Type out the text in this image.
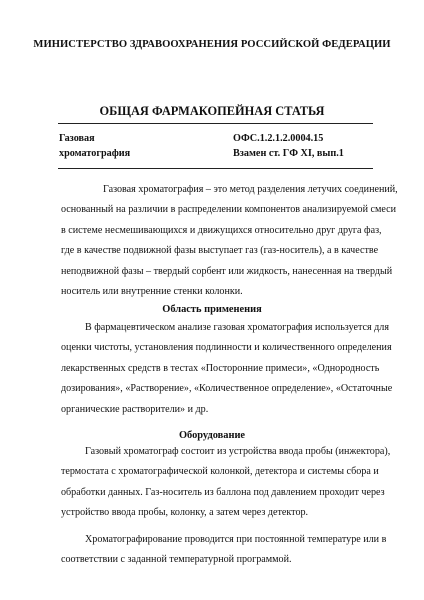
МИНИСТЕРСТВО ЗДРАВООХРАНЕНИЯ РОССИЙСКОЙ ФЕДЕРАЦИИ
ОБЩАЯ ФАРМАКОПЕЙНАЯ СТАТЬЯ
Газовая
хроматография
ОФС.1.2.1.2.0004.15
Взамен ст. ГФ XI, вып.1
Газовая хроматография – это метод разделения летучих соединений,
основанный на различии в распределении компонентов анализируемой смеси
в системе несмешивающихся и движущихся относительно друг друга фаз,
где в качестве подвижной фазы выступает газ (газ-носитель), а в качестве
неподвижной фазы – твердый сорбент или жидкость, нанесенная на твердый
носитель или внутренние стенки колонки.
Область применения
В фармацевтическом анализе газовая хроматография используется для
оценки чистоты, установления подлинности и количественного определения
лекарственных средств в тестах «Посторонние примеси», «Однородность
дозирования», «Растворение», «Количественное определение», «Остаточные
органические растворители» и др.
Оборудование
Газовый хроматограф состоит из устройства ввода пробы (инжектора),
термостата с хроматографической колонкой, детектора и системы сбора и
обработки данных. Газ-носитель из баллона под давлением проходит через
устройство ввода пробы, колонку, а затем через детектор.
Хроматографирование проводится при постоянной температуре или в
соответствии с заданной температурной программой.
